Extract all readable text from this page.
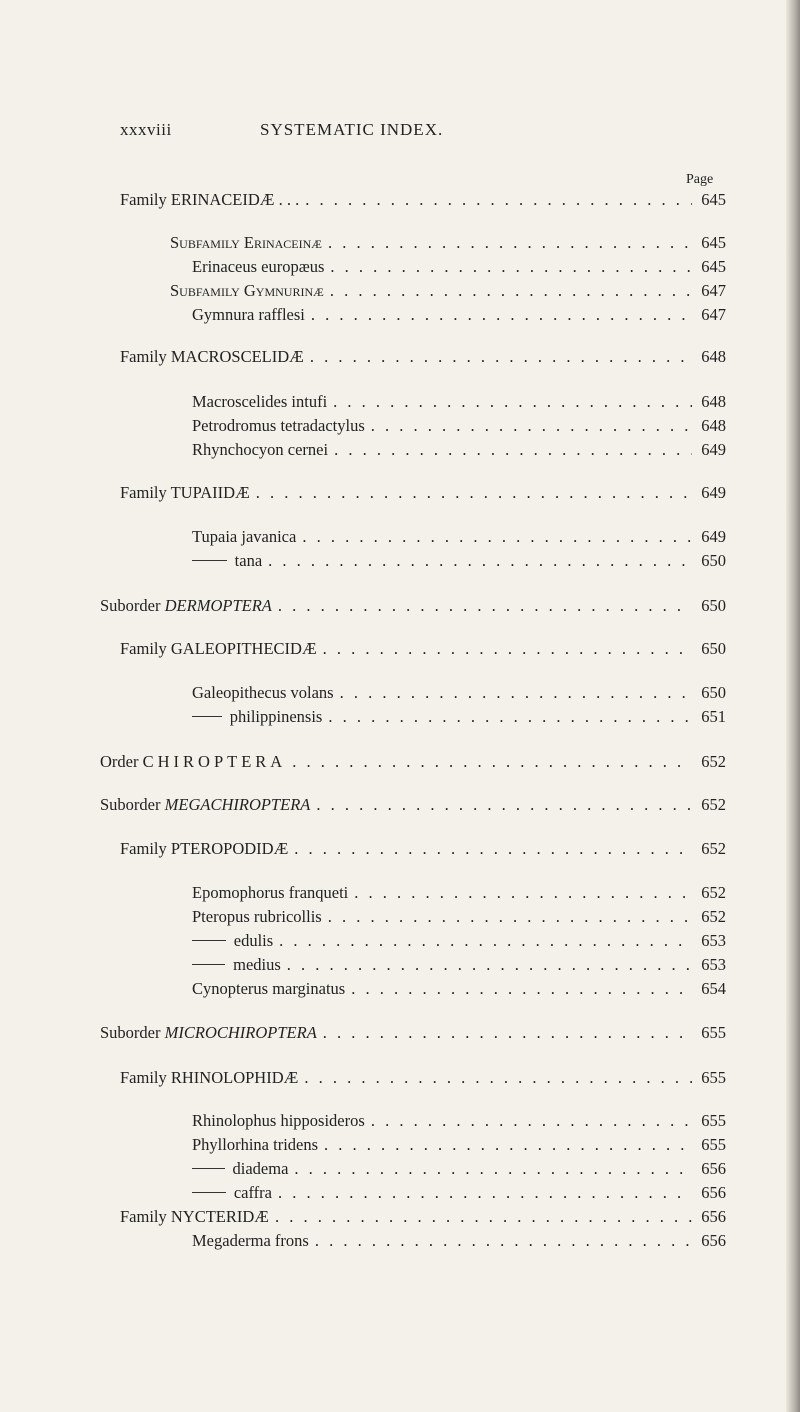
xxxviii	SYSTEMATIC INDEX.
Page
Family ERINACEIDÆ . . . . . .	645
Subfamily Erinaceinæ . . .	645
Erinaceus europæus . . .	645
Subfamily Gymnurinæ . . .	647
Gymnura rafflesi . . .	647
Family MACROSCELIDÆ . . .	648
Macroscelides intufi . . .	648
Petrodromus tetradactylus . . .	648
Rhynchocyon cernei . . .	649
Family TUPAIIDÆ . . .	649
Tupaia javanica . . .	649
tana . . .	650
Suborder DERMOPTERA . . .	650
Family GALEOPITHECIDÆ . . .	650
Galeopithecus volans . . .	650
philippinensis . . .	651
Order CHIROPTERA . . .	652
Suborder MEGACHIROPTERA . . .	652
Family PTEROPODIDÆ . . .	652
Epomophorus franqueti . . .	652
Pteropus rubricollis . . .	652
edulis . . .	653
medius . . .	653
Cynopterus marginatus . . .	654
Suborder MICROCHIROPTERA . . .	655
Family RHINOLOPHIDÆ . . .	655
Rhinolophus hipposideros . . .	655
Phyllorhina tridens . . .	655
diadema . . .	656
caffra . . .	656
Family NYCTERIDÆ . . .	656
Megaderma frons . . .	656
